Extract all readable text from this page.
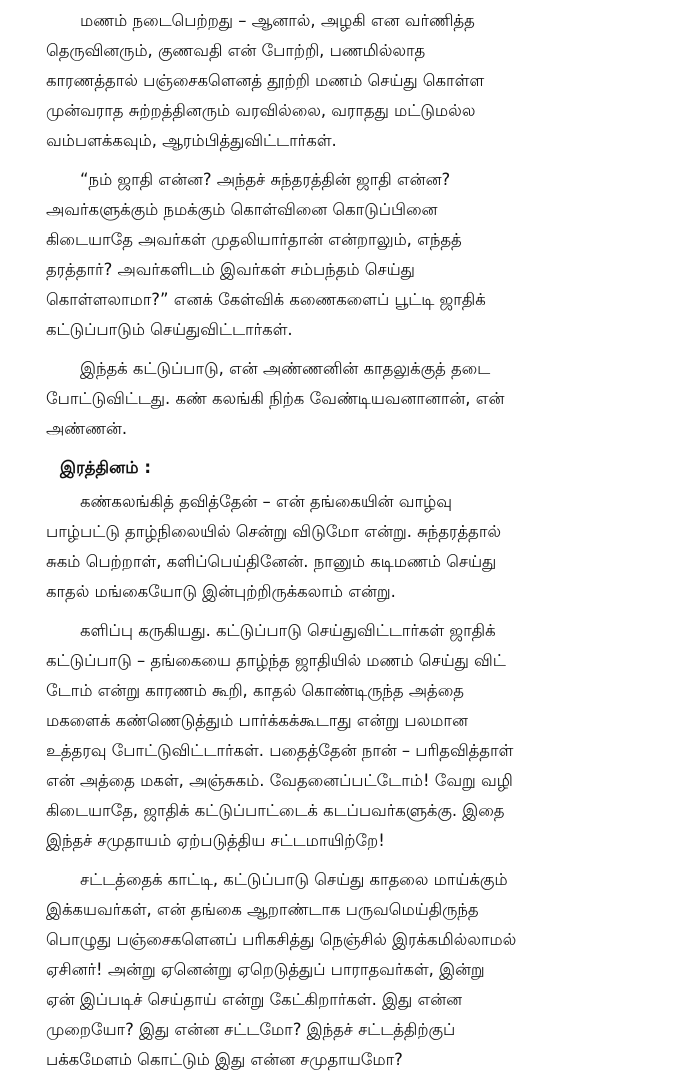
மணம் நடைபெற்றது – ஆனால், அழகி என வர்ணித்த
தெருவினரும், குணவதி என் போற்றி, பணமில்லாத
காரணத்தால் பஞ்சைகளெனத் தூற்றி மணம் செய்து கொள்ள
முன்வராத சுற்றத்தினரும் வரவில்லை, வராதது மட்டுமல்ல
வம்பளக்கவும், ஆரம்பித்துவிட்டார்கள்.

“நம் ஜாதி என்ன? அந்தச் சுந்தரத்தின் ஜாதி என்ன?
அவர்களுக்கும் நமக்கும் கொள்வினை கொடுப்பினை
கிடையாதே அவர்கள் முதலியார்தான் என்றாலும், எந்தத்
தரத்தார்? அவர்களிடம் இவர்கள் சம்பந்தம் செய்து
கொள்ளலாமா?” எனக் கேள்விக் கணைகளைப் பூட்டி ஜாதிக்
கட்டுப்பாடும் செய்துவிட்டார்கள்.

இந்தக் கட்டுப்பாடு, என் அண்ணனின் காதலுக்குத் தடை
போட்டுவிட்டது. கண் கலங்கி நிற்க வேண்டியவனானான், என்
அண்ணன்.

இரத்தினம் :

கண்கலங்கித் தவித்தேன் – என் தங்கையின் வாழ்வு
பாழ்பட்டு தாழ்நிலையில் சென்று விடுமோ என்று. சுந்தரத்தால்
சுகம் பெற்றாள், களிப்பெய்தினேன். நானும் கடிமணம் செய்து
காதல் மங்கையோடு இன்புற்றிருக்கலாம் என்று.

களிப்பு கருகியது. கட்டுப்பாடு செய்துவிட்டார்கள் ஜாதிக்
கட்டுப்பாடு – தங்கையை தாழ்ந்த ஜாதியில் மணம் செய்து விட்
டோம் என்று காரணம் கூறி, காதல் கொண்டிருந்த அத்தை
மகளைக் கண்ணெடுத்தும் பார்க்கக்கூடாது என்று பலமான
உத்தரவு போட்டுவிட்டார்கள். பதைத்தேன் நான் – பரிதவித்தாள்
என் அத்தை மகள், அஞ்சுகம். வேதனைப்பட்டோம்! வேறு வழி
கிடையாதே, ஜாதிக் கட்டுப்பாட்டைக் கடப்பவர்களுக்கு. இதை
இந்தச் சமுதாயம் ஏற்படுத்திய சட்டமாயிற்றே!

சட்டத்தைக் காட்டி, கட்டுப்பாடு செய்து காதலை மாய்க்கும்
இக்கயவர்கள், என் தங்கை ஆறாண்டாக பருவமெய்திருந்த
பொழுது பஞ்சைகளெனப் பரிகசித்து நெஞ்சில் இரக்கமில்லாமல்
ஏசினர்! அன்று ஏனென்று ஏறெடுத்துப் பாராதவர்கள், இன்று
ஏன் இப்படிச் செய்தாய் என்று கேட்கிறார்கள். இது என்ன
முறையோ? இது என்ன சட்டமோ? இந்தச் சட்டத்திற்குப்
பக்கமேளம் கொட்டும் இது என்ன சமுதாயமோ?
